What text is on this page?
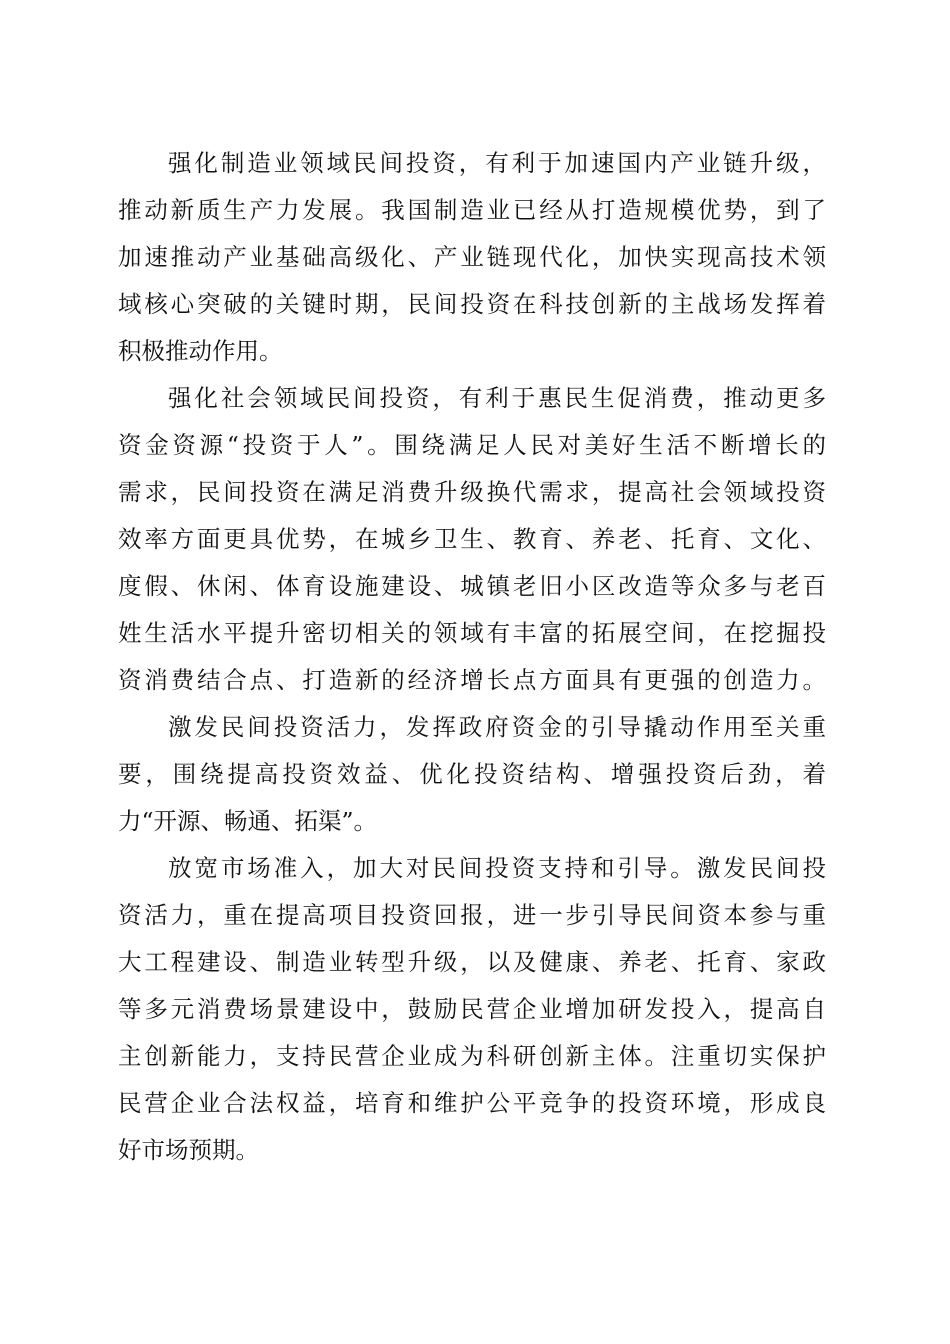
强化制造业领域民间投资，有利于加速国内产业链升级，
推动新质生产力发展。我国制造业已经从打造规模优势，到了
加速推动产业基础高级化、产业链现代化，加快实现高技术领
域核心突破的关键时期，民间投资在科技创新的主战场发挥着
积极推动作用。
强化社会领域民间投资，有利于惠民生促消费，推动更多
资金资源“投资于人”。围绕满足人民对美好生活不断增长的
需求，民间投资在满足消费升级换代需求，提高社会领域投资
效率方面更具优势，在城乡卫生、教育、养老、托育、文化、
度假、休闲、体育设施建设、城镇老旧小区改造等众多与老百
姓生活水平提升密切相关的领域有丰富的拓展空间，在挖掘投
资消费结合点、打造新的经济增长点方面具有更强的创造力。
激发民间投资活力，发挥政府资金的引导撬动作用至关重
要，围绕提高投资效益、优化投资结构、增强投资后劲，着
力“开源、畅通、拓渠”。
放宽市场准入，加大对民间投资支持和引导。激发民间投
资活力，重在提高项目投资回报，进一步引导民间资本参与重
大工程建设、制造业转型升级，以及健康、养老、托育、家政
等多元消费场景建设中，鼓励民营企业增加研发投入，提高自
主创新能力，支持民营企业成为科研创新主体。注重切实保护
民营企业合法权益，培育和维护公平竞争的投资环境，形成良
好市场预期。
